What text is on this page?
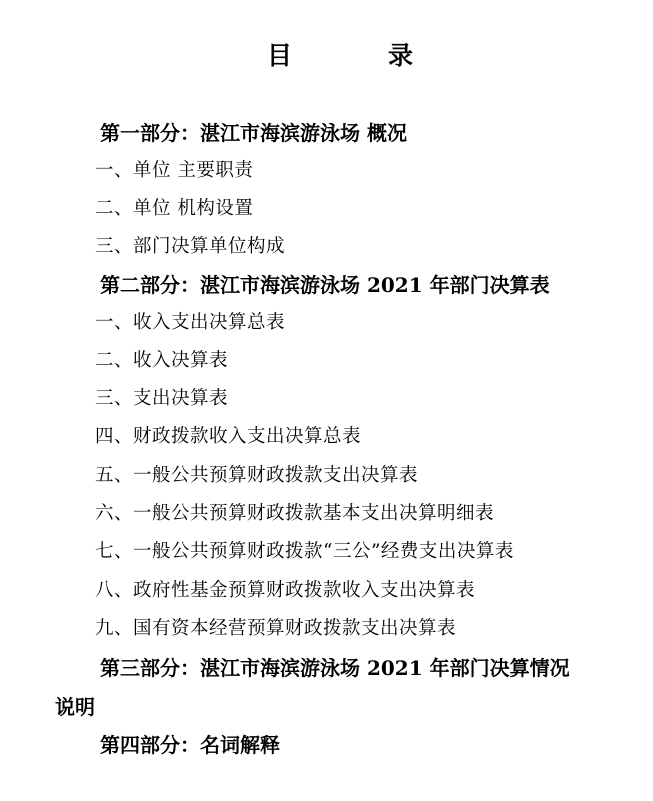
目	录
第一部分：湛江市海滨游泳场 概况
一、单位 主要职责
二、单位 机构设置
三、部门决算单位构成
第二部分：湛江市海滨游泳场 2021 年部门决算表
一、收入支出决算总表
二、收入决算表
三、支出决算表
四、财政拨款收入支出决算总表
五、一般公共预算财政拨款支出决算表
六、一般公共预算财政拨款基本支出决算明细表
七、一般公共预算财政拨款“三公”经费支出决算表
八、政府性基金预算财政拨款收入支出决算表
九、国有资本经营预算财政拨款支出决算表
第三部分：湛江市海滨游泳场 2021 年部门决算情况
说明
第四部分：名词解释
